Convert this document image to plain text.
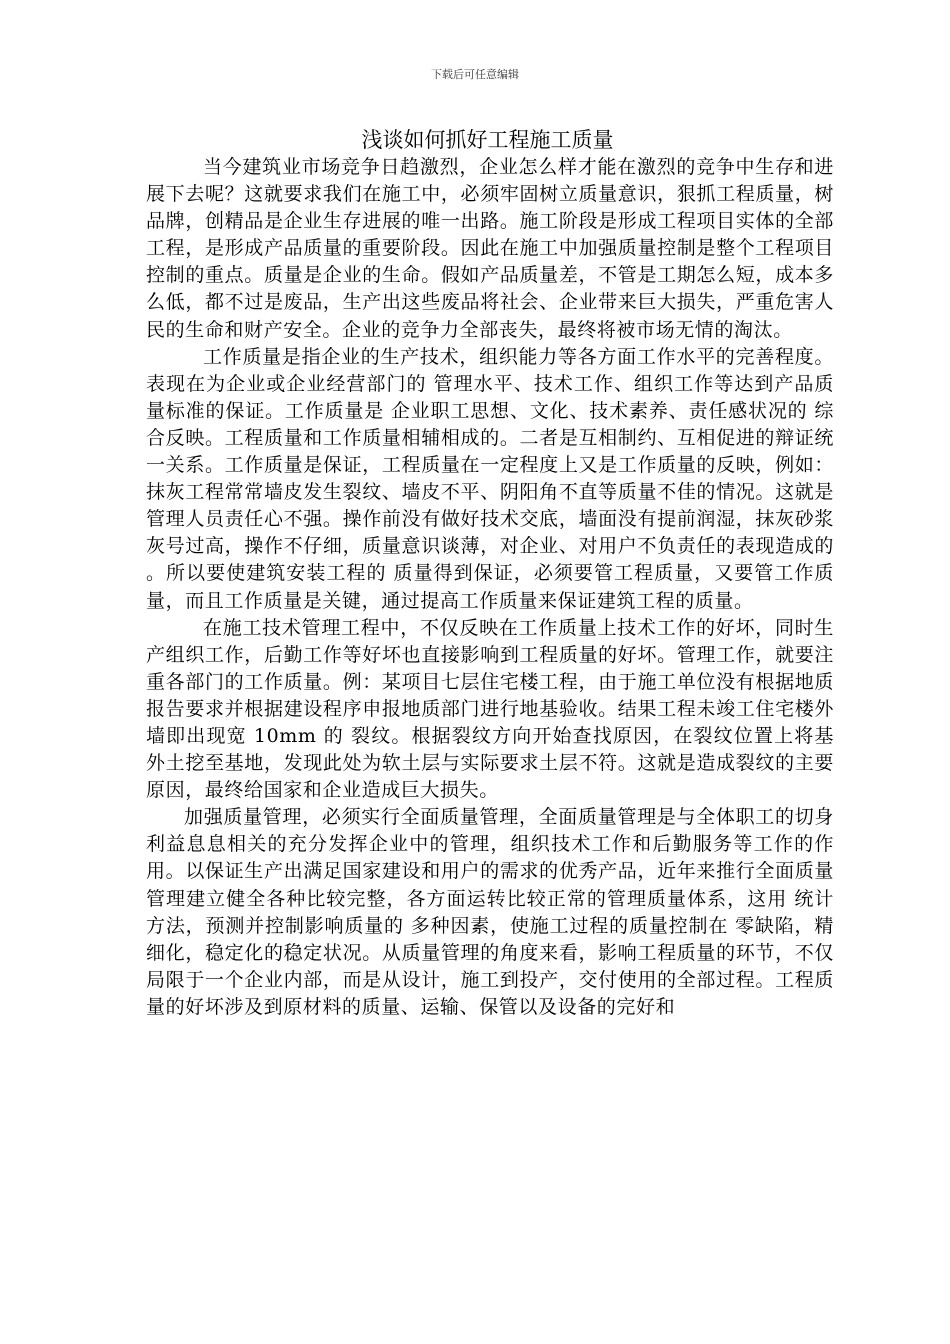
下载后可任意编辑
浅谈如何抓好工程施工质量

当今建筑业市场竞争日趋激烈，企业怎么样才能在激烈的竞争中生存和进展下去呢？这就要求我们在施工中，必须牢固树立质量意识，狠抓工程质量，树品牌，创精品是企业生存进展的唯一出路。施工阶段是形成工程项目实体的全部工程，是形成产品质量的重要阶段。因此在施工中加强质量控制是整个工程项目控制的重点。质量是企业的生命。假如产品质量差，不管是工期怎么短，成本多么低，都不过是废品，生产出这些废品将社会、企业带来巨大损失，严重危害人民的生命和财产安全。企业的竞争力全部丧失，最终将被市场无情的淘汰。

工作质量是指企业的生产技术，组织能力等各方面工作水平的完善程度。表现在为企业或企业经营部门的 管理水平、技术工作、组织工作等达到产品质量标准的保证。工作质量是 企业职工思想、文化、技术素养、责任感状况的 综合反映。工程质量和工作质量相辅相成的。二者是互相制约、互相促进的辩证统一关系。工作质量是保证，工程质量在一定程度上又是工作质量的反映，例如：抹灰工程常常墙皮发生裂纹、墙皮不平、阴阳角不直等质量不佳的情况。这就是管理人员责任心不强。操作前没有做好技术交底，墙面没有提前润湿，抹灰砂浆灰号过高，操作不仔细，质量意识谈薄，对企业、对用户不负责任的表现造成的 。所以要使建筑安装工程的 质量得到保证，必须要管工程质量，又要管工作质量，而且工作质量是关键，通过提高工作质量来保证建筑工程的质量。

在施工技术管理工程中，不仅反映在工作质量上技术工作的好坏，同时生产组织工作，后勤工作等好坏也直接影响到工程质量的好坏。管理工作，就要注重各部门的工作质量。例：某项目七层住宅楼工程，由于施工单位没有根据地质报告要求并根据建设程序申报地质部门进行地基验收。结果工程未竣工住宅楼外墙即出现宽 10mm 的 裂纹。根据裂纹方向开始查找原因，在裂纹位置上将基外土挖至基地，发现此处为软土层与实际要求土层不符。这就是造成裂纹的主要原因，最终给国家和企业造成巨大损失。

加强质量管理，必须实行全面质量管理，全面质量管理是与全体职工的切身利益息息相关的充分发挥企业中的管理，组织技术工作和后勤服务等工作的作用。以保证生产出满足国家建设和用户的需求的优秀产品，近年来推行全面质量管理建立健全各种比较完整，各方面运转比较正常的管理质量体系，这用 统计方法，预测并控制影响质量的 多种因素，使施工过程的质量控制在 零缺陷，精细化，稳定化的稳定状况。从质量管理的角度来看，影响工程质量的环节，不仅局限于一个企业内部，而是从设计，施工到投产，交付使用的全部过程。工程质量的好坏涉及到原材料的质量、运输、保管以及设备的完好和
